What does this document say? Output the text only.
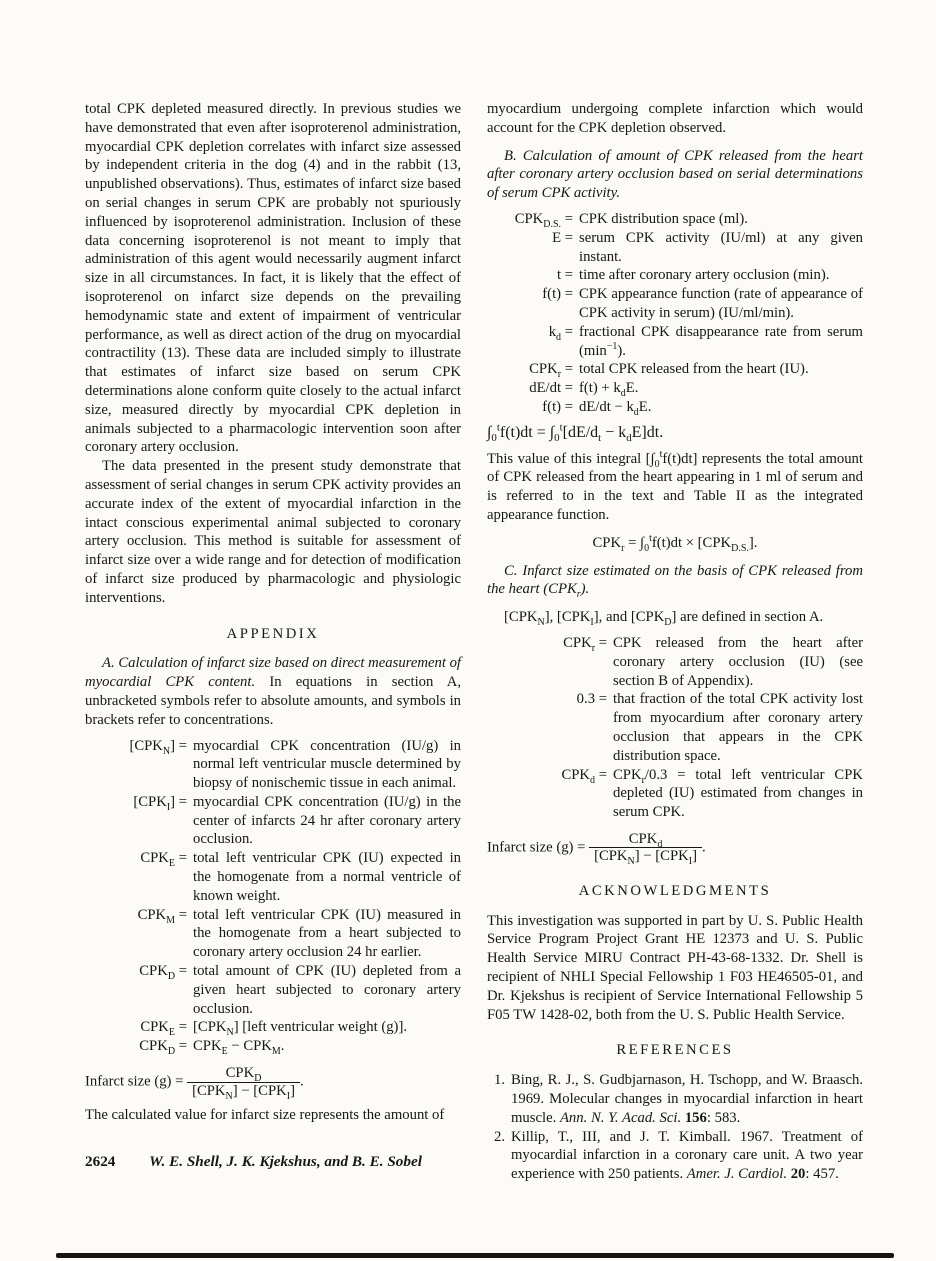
total CPK depleted measured directly. In previous studies we have demonstrated that even after isoproterenol administration, myocardial CPK depletion correlates with infarct size assessed by independent criteria in the dog (4) and in the rabbit (13, unpublished observations). Thus, estimates of infarct size based on serial changes in serum CPK are probably not spuriously influenced by isoproterenol administration. Inclusion of these data concerning isoproterenol is not meant to imply that administration of this agent would necessarily augment infarct size in all circumstances. In fact, it is likely that the effect of isoproterenol on infarct size depends on the prevailing hemodynamic state and extent of impairment of ventricular performance, as well as direct action of the drug on myocardial contractility (13). These data are included simply to illustrate that estimates of infarct size based on serum CPK determinations alone conform quite closely to the actual infarct size, measured directly by myocardial CPK depletion in animals subjected to a pharmacologic intervention soon after coronary artery occlusion.

The data presented in the present study demonstrate that assessment of serial changes in serum CPK activity provides an accurate index of the extent of myocardial infarction in the intact conscious experimental animal subjected to coronary artery occlusion. This method is suitable for assessment of infarct size over a wide range and for detection of modification of infarct size produced by pharmacologic and physiologic interventions.

APPENDIX

A. Calculation of infarct size based on direct measurement of myocardial CPK content. In equations in section A, unbracketed symbols refer to absolute amounts, and symbols in brackets refer to concentrations.

$[CPK_N]$ = myocardial CPK concentration (IU/g) in normal left ventricular muscle determined by biopsy of nonischemic tissue in each animal.
$[CPK_I]$ = myocardial CPK concentration (IU/g) in the center of infarcts 24 hr after coronary artery occlusion.
$CPK_E$ = total left ventricular CPK (IU) expected in the homogenate from a normal ventricle of known weight.
$CPK_M$ = total left ventricular CPK (IU) measured in the homogenate from a heart subjected to coronary artery occlusion 24 hr earlier.
$CPK_D$ = total amount of CPK (IU) depleted from a given heart subjected to coronary artery occlusion.
$CPK_E = [CPK_N]$ [left ventricular weight (g)].
$CPK_D = CPK_E - CPK_M$.
Infarct size $(g) = \frac{CPK_D}{[CPK_N] - [CPK_I]}$ .

The calculated value for infarct size represents the amount of

myocardium undergoing complete infarction which would account for the CPK depletion observed.

B. Calculation of amount of CPK released from the heart after coronary artery occlusion based on serial determinations of serum CPK activity.

$CPK_{D.S.}$ = CPK distribution space (ml).
E = serum CPK activity (IU/ml) at any given instant.
t = time after coronary artery occlusion (min).
f(t) = CPK appearance function (rate of appearance of CPK activity in serum) (IU/ml/min).
$k_d$ = fractional CPK disappearance rate from serum $(\min^{-1})$.
$CPK_r$ = total CPK released from the heart (IU).
$dE/dt = f(t) + k_dE$.
$f(t) = dE/dt - k_dE$.
$\int_0^tf(t)dt = \int_0^t[dE/d_t - k_dE]dt$.

This value of this integral $[\int_0^tf(t)dt]$ represents the total amount of CPK released from the heart appearing in 1 ml of serum and is referred to in the text and Table II as the integrated appearance function.

$CPK_r = \int_0^tf(t)dt \times [CPK_{D.S.}]$.

C. Infarct size estimated on the basis of CPK released from the heart $(CPK_r)$.

$[CPK_N]$, $[CPK_I]$, and $[CPK_D]$ are defined in section A.

$CPK_r$ = CPK released from the heart after coronary artery occlusion (IU) (see section B of Appendix).
0.3 = that fraction of the total CPK activity lost from myocardium after coronary artery occlusion that appears in the CPK distribution space.
$CPK_d = CPK_r/0.3$ = total left ventricular CPK depleted (IU) estimated from changes in serum CPK.
Infarct size $(g) = \frac{CPK_d}{[CPK_N] - [CPK_I]}$ .
ACKNOWLEDGMENTS

This investigation was supported in part by U. S. Public Health Service Program Project Grant HE 12373 and U. S. Public Health Service MIRU Contract PH-43-68-1332. Dr. Shell is recipient of NHLI Special Fellowship 1 F03 HE46505-01, and Dr. Kjekshus is recipient of Service International Fellowship 5 F05 TW 1428-02, both from the U. S. Public Health Service.

REFERENCES
1. Bing, R. J., S. Gudbjarnason, H. Tschopp, and W. Braasch. 1969. Molecular changes in myocardial infarction in heart muscle. Ann. N. Y. Acad. Sci. 156: 583.
2. Killip, T., III, and J. T. Kimball. 1967. Treatment of myocardial infarction in a coronary care unit. A two year experience with 250 patients. Amer. J. Cardiol. 20: 457.
2624 W. E. Shell, J. K. Kjekshus, and B. E. Sobel
